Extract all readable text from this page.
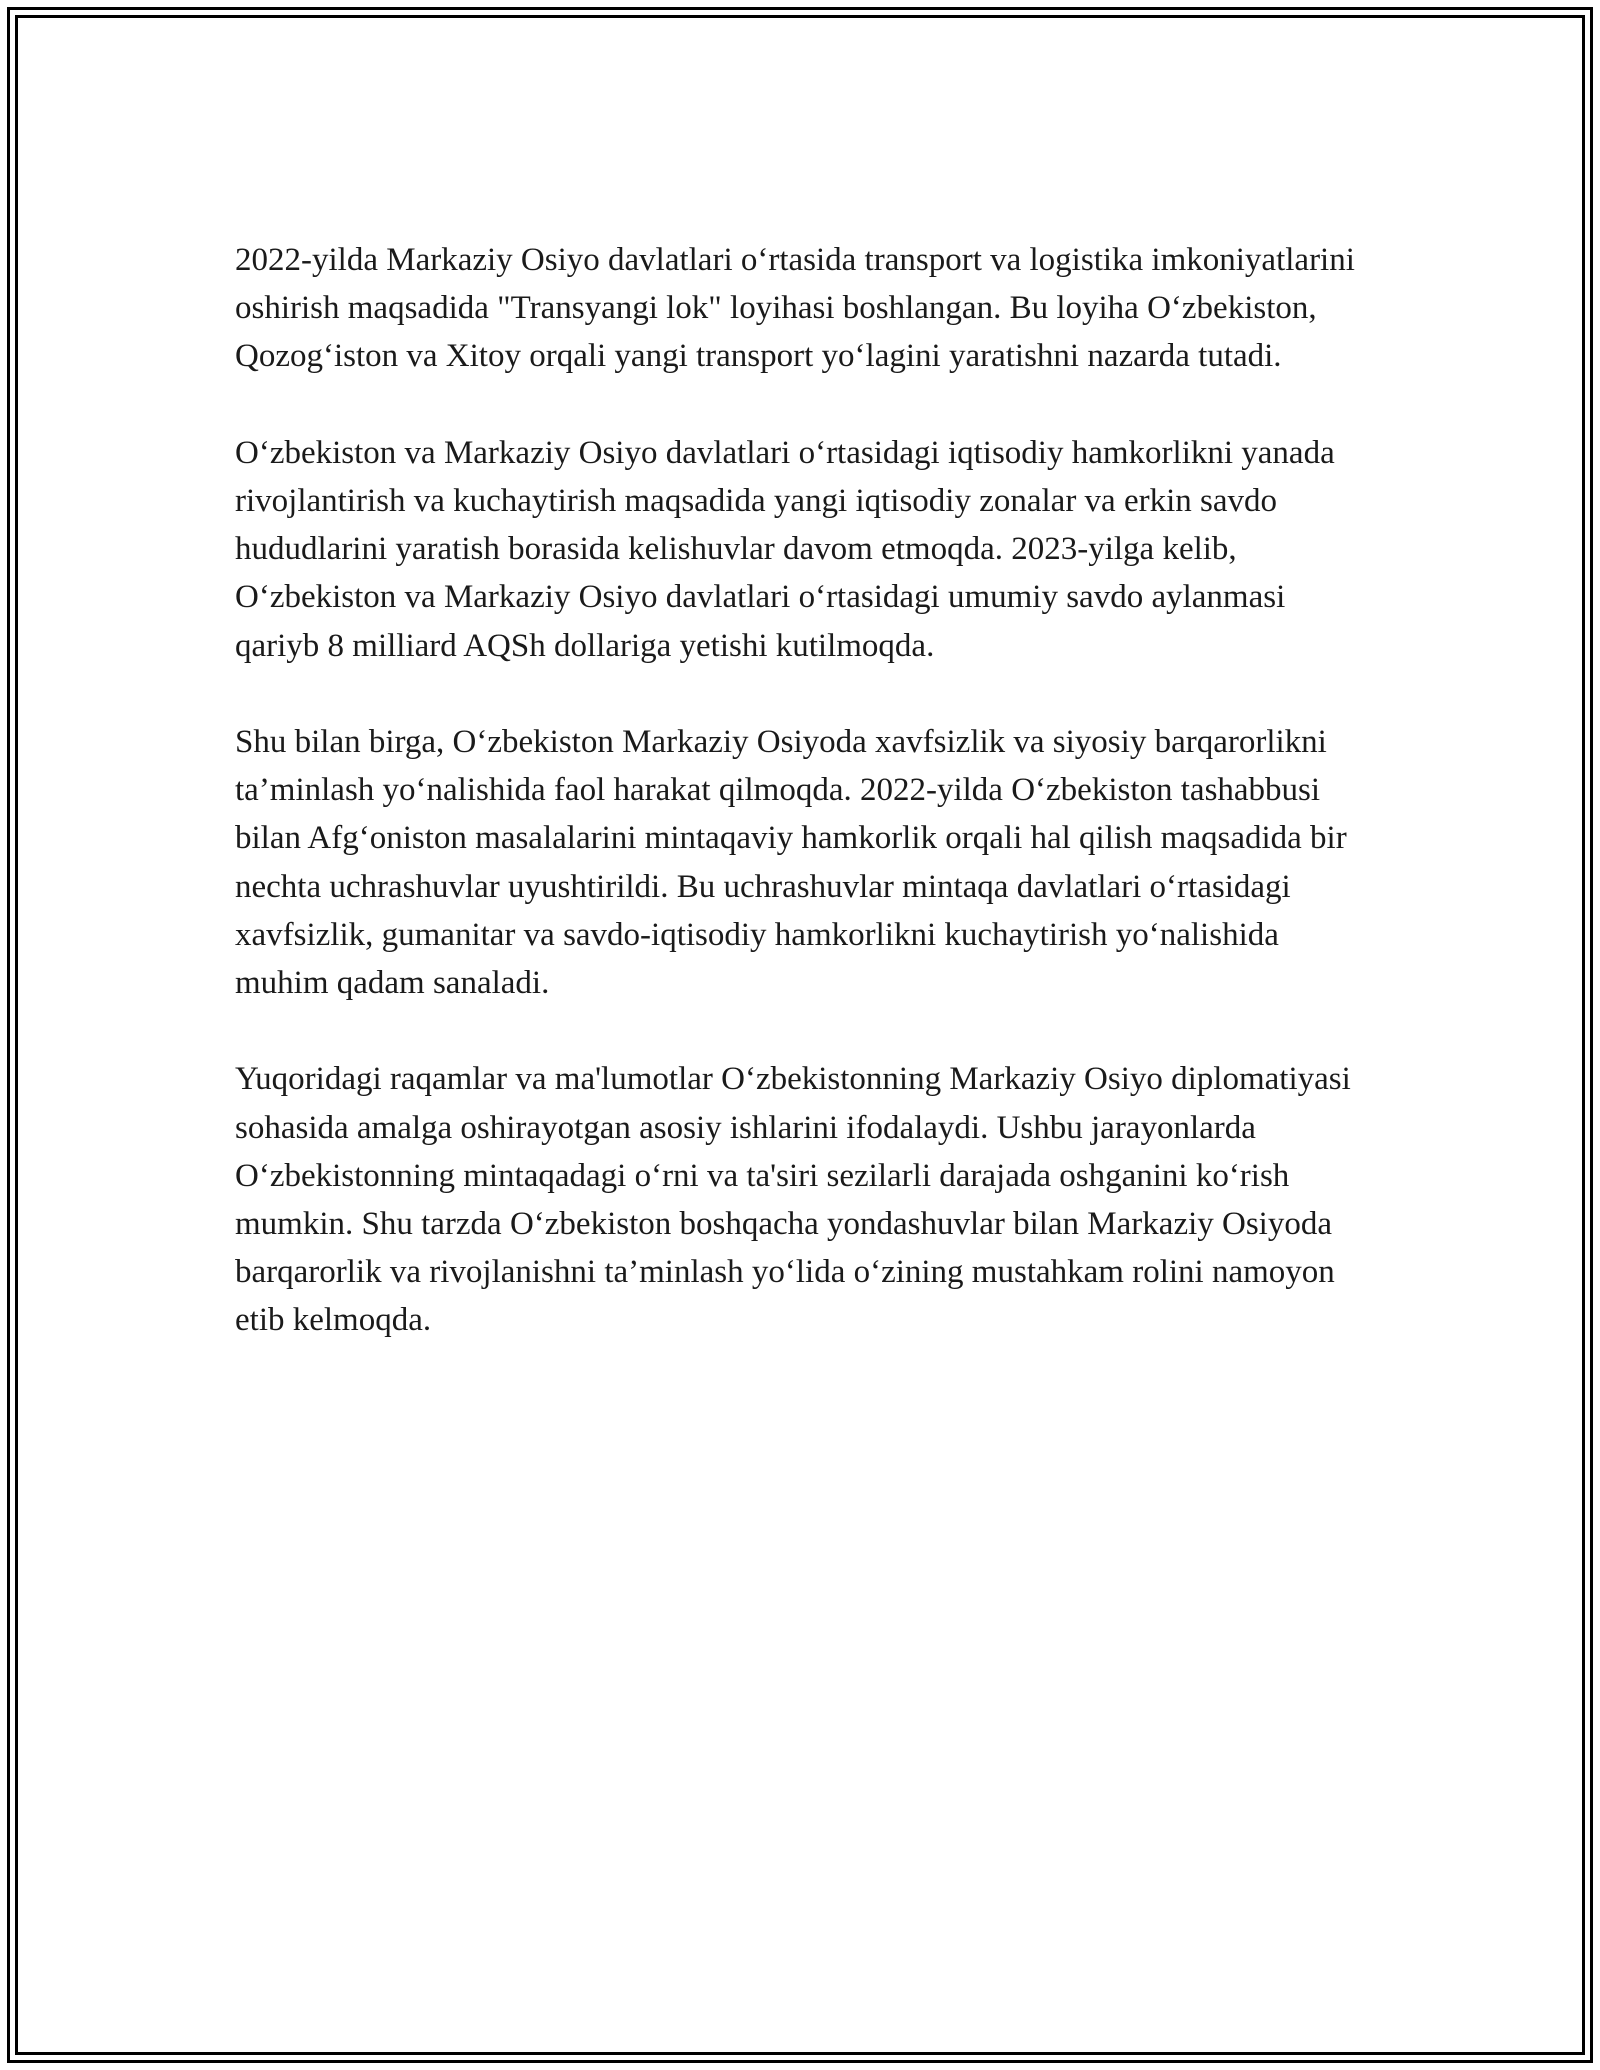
2022-yilda Markaziy Osiyo davlatlari o‘rtasida transport va logistika imkoniyatlarini oshirish maqsadida "Transyangi lok" loyihasi boshlangan. Bu loyiha O‘zbekiston, Qozog‘iston va Xitoy orqali yangi transport yo‘lagini yaratishni nazarda tutadi.

O‘zbekiston va Markaziy Osiyo davlatlari o‘rtasidagi iqtisodiy hamkorlikni yanada rivojlantirish va kuchaytirish maqsadida yangi iqtisodiy zonalar va erkin savdo hududlarini yaratish borasida kelishuvlar davom etmoqda. 2023-yilga kelib, O‘zbekiston va Markaziy Osiyo davlatlari o‘rtasidagi umumiy savdo aylanmasi qariyb 8 milliard AQSh dollariga yetishi kutilmoqda.

Shu bilan birga, O‘zbekiston Markaziy Osiyoda xavfsizlik va siyosiy barqarorlikni ta’minlash yo‘nalishida faol harakat qilmoqda. 2022-yilda O‘zbekiston tashabbusi bilan Afg‘oniston masalalarini mintaqaviy hamkorlik orqali hal qilish maqsadida bir nechta uchrashuvlar uyushtirildi. Bu uchrashuvlar mintaqa davlatlari o‘rtasidagi xavfsizlik, gumanitar va savdo-iqtisodiy hamkorlikni kuchaytirish yo‘nalishida muhim qadam sanaladi.

Yuqoridagi raqamlar va ma'lumotlar O‘zbekistonning Markaziy Osiyo diplomatiyasi sohasida amalga oshirayotgan asosiy ishlarini ifodalaydi. Ushbu jarayonlarda O‘zbekistonning mintaqadagi o‘rni va ta'siri sezilarli darajada oshganini ko‘rish mumkin. Shu tarzda O‘zbekiston boshqacha yondashuvlar bilan Markaziy Osiyoda barqarorlik va rivojlanishni ta’minlash yo‘lida o‘zining mustahkam rolini namoyon etib kelmoqda.
